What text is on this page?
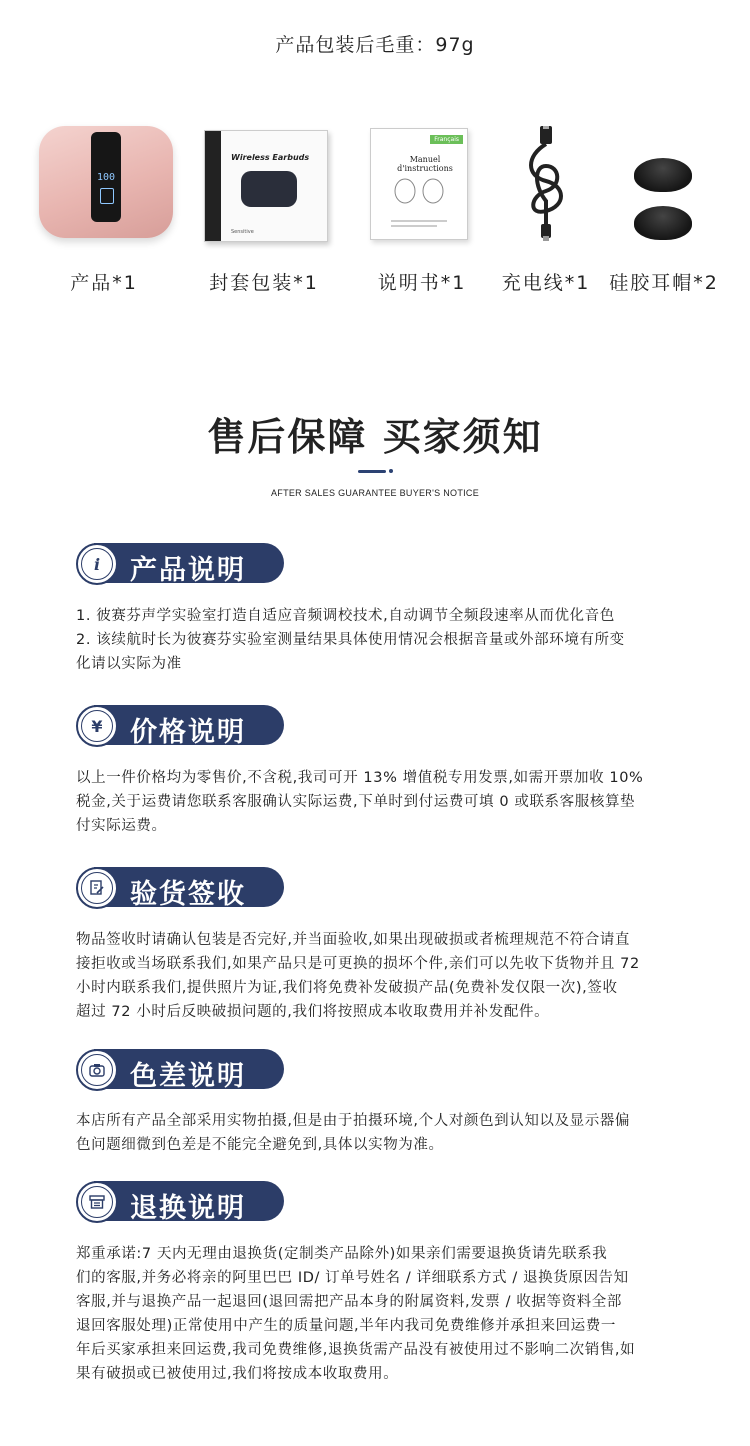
产品包装后毛重：97g
100
产品*1
Wireless Earbuds
Sensitive
封套包装*1
Français
Manuel d'instructions
说明书*1	充电线*1 硅胶耳帽*2
售后保障 买家须知
AFTER SALES GUARANTEE BUYER'S NOTICE
i	产品说明

1. 彼赛芬声学实验室打造自适应音频调校技术,自动调节全频段速率从而优化音色

2. 该续航时长为彼赛芬实验室测量结果具体使用情况会根据音量或外部环境有所变

化请以实际为准

¥	价格说明

以上一件价格均为零售价,不含税,我司可开 13% 增值税专用发票,如需开票加收 10%

税金,关于运费请您联系客服确认实际运费,下单时到付运费可填 0 或联系客服核算垫

付实际运费。

验货签收

物品签收时请确认包装是否完好,并当面验收,如果出现破损或者梳理规范不符合请直

接拒收或当场联系我们,如果产品只是可更换的损坏个件,亲们可以先收下货物并且 72

小时内联系我们,提供照片为证,我们将免费补发破损产品(免费补发仅限一次),签收

超过 72 小时后反映破损问题的,我们将按照成本收取费用并补发配件。

色差说明

本店所有产品全部采用实物拍摄,但是由于拍摄环境,个人对颜色到认知以及显示器偏

色问题细微到色差是不能完全避免到,具体以实物为准。

退换说明

郑重承诺:7 天内无理由退换货(定制类产品除外)如果亲们需要退换货请先联系我

们的客服,并务必将亲的阿里巴巴 ID/ 订单号姓名 / 详细联系方式 / 退换货原因告知

客服,并与退换产品一起退回(退回需把产品本身的附属资料,发票 / 收据等资料全部

退回客服处理)正常使用中产生的质量问题,半年内我司免费维修并承担来回运费一

年后买家承担来回运费,我司免费维修,退换货需产品没有被使用过不影响二次销售,如

果有破损或已被使用过,我们将按成本收取费用。
